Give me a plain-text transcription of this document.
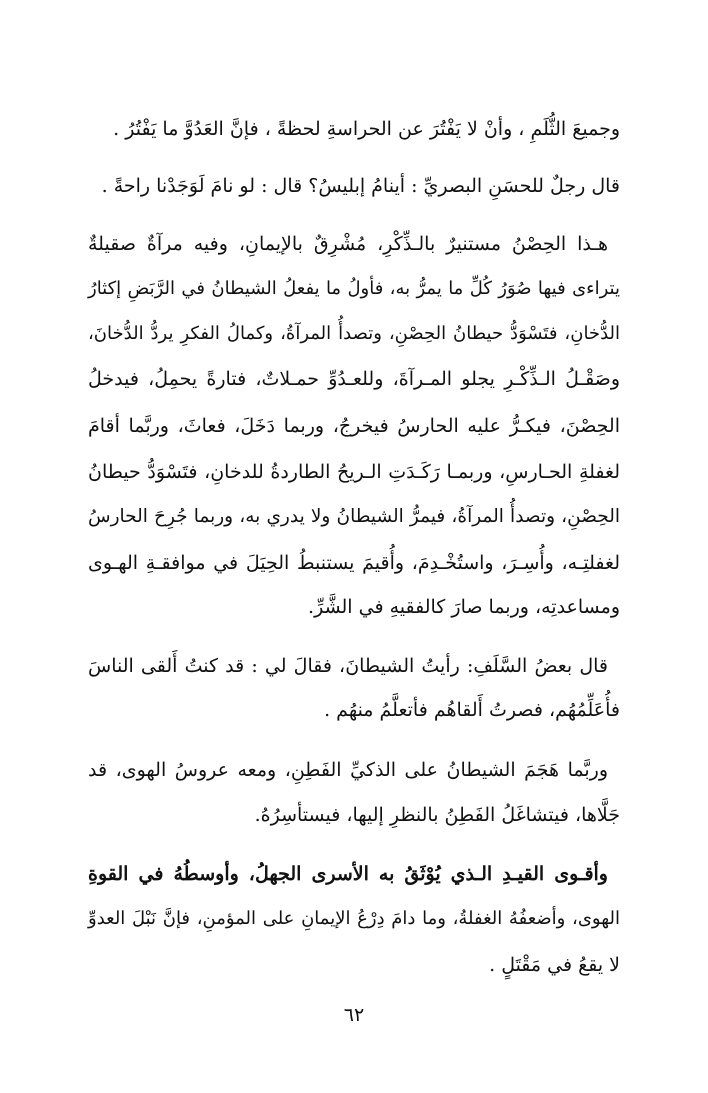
وجميعَ الثُّلَمِ ، وأنْ لا يَفْتُرَ عن الحراسةِ لحظةً ، فإنَّ العَدُوَّ ما يَفْتُرُ .
قال رجلٌ للحسَنِ البصريِّ : أينامُ إبليسُ؟ قال : لو نامَ لَوَجَدْنا راحةً .
هـذا الحِصْنُ مستنيرٌ بالـذِّكْرِ، مُشْرِقٌ بالإيمانِ، وفيه مرآةٌ صقيلةٌ
يتراءى فيها صُوَرُ كُلِّ ما يمرُّ به، فأولُ ما يفعلُ الشيطانُ في الرَّبَضِ إكثارُ
الدُّخانِ، فتَسْوَدُّ حيطانُ الحِصْنِ، وتصدأُ المرآةُ، وكمالُ الفكرِ يردُّ الدُّخانَ،
وصَقْـلُ الـذِّكْـرِ يجلو المـرآةَ، وللعـدُوِّ حمـلاتٌ، فتارةً يحمِلُ، فيدخلُ
الحِصْنَ، فيكـرُّ عليه الحارسُ فيخرجُ، وربما دَخَلَ، فعاثَ، وربَّما أقامَ
لغفلةِ الحـارسِ، وربمـا رَكَـدَتِ الـريحُ الطاردةُ للدخانِ، فتَسْوَدُّ حيطانُ
الحِصْنِ، وتصدأُ المرآةُ، فيمرُّ الشيطانُ ولا يدري به، وربما جُرِحَ الحارسُ
لغفلتِـه، وأُسِـرَ، واستُخْـدِمَ، وأُقيمَ يستنبطُ الحِيَلَ في موافقـةِ الهـوى
ومساعدتِه، وربما صارَ كالفقيهِ في الشَّرِّ.
قال بعضُ السَّلَفِ: رأيتُ الشيطانَ، فقالَ لي : قد كنتُ أَلقى الناسَ
فأُعَلِّمُهُم، فصرتُ أَلقاهُم فأتعلَّمُ منهُم .
وربَّما هَجَمَ الشيطانُ على الذكيِّ الفَطِنِ، ومعه عروسُ الهوى، قد
جَلَّاها، فيتشاغَلُ الفَطِنُ بالنظرِ إليها، فيستأسِرُهُ.
وأقـوى القيـدِ الـذي يُوْثَقُ به الأسرى الجهلُ، وأوسطُهُ في القوةِ
الهوى، وأضعفُهُ الغفلةُ، وما دامَ دِرْعُ الإيمانِ على المؤمنِ، فإنَّ نَبْلَ العدوِّ
لا يقعُ في مَقْتَلٍ .
٦٢
